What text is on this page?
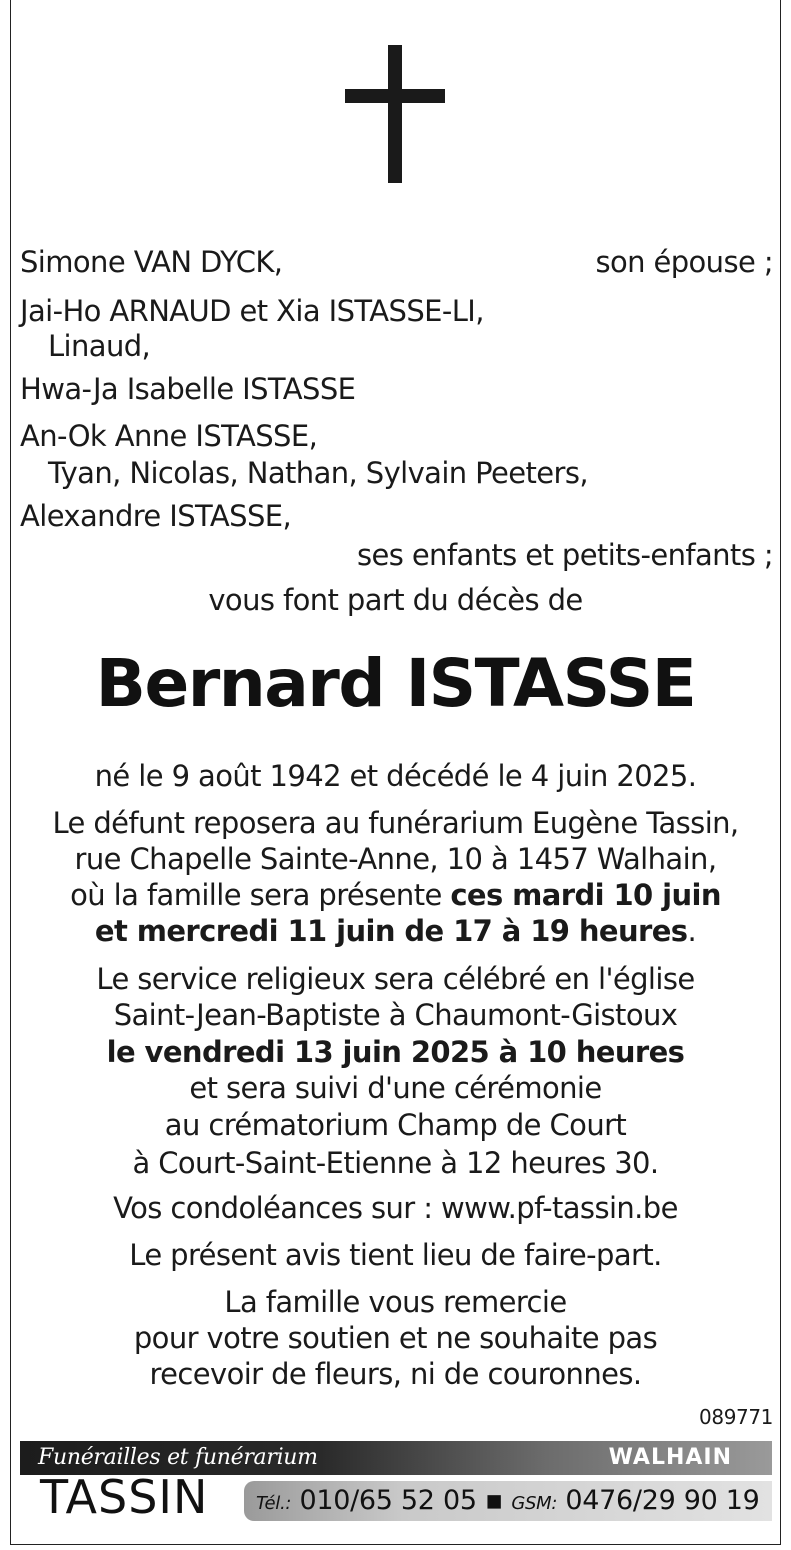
Simone VAN DYCK,	son épouse ;
Jai-Ho ARNAUD et Xia ISTASSE-LI,
Linaud,
Hwa-Ja Isabelle ISTASSE
An-Ok Anne ISTASSE,
Tyan, Nicolas, Nathan, Sylvain Peeters,
Alexandre ISTASSE,
ses enfants et petits-enfants ;
vous font part du décès de
Bernard ISTASSE
né le 9 août 1942 et décédé le 4 juin 2025.
Le défunt reposera au funérarium Eugène Tassin,
rue Chapelle Sainte-Anne, 10 à 1457 Walhain,
où la famille sera présente ces mardi 10 juin
et mercredi 11 juin de 17 à 19 heures.
Le service religieux sera célébré en l'église
Saint-Jean-Baptiste à Chaumont-Gistoux
le vendredi 13 juin 2025 à 10 heures
et sera suivi d'une cérémonie
au crématorium Champ de Court
à Court-Saint-Etienne à 12 heures 30.
Vos condoléances sur : www.pf-tassin.be
Le présent avis tient lieu de faire-part.
La famille vous remercie
pour votre soutien et ne souhaite pas
recevoir de fleurs, ni de couronnes.
089771
Funérailles et funérarium	WALHAIN
TASSIN	Tél.: 010/65 52 05 ▪ GSM: 0476/29 90 19
